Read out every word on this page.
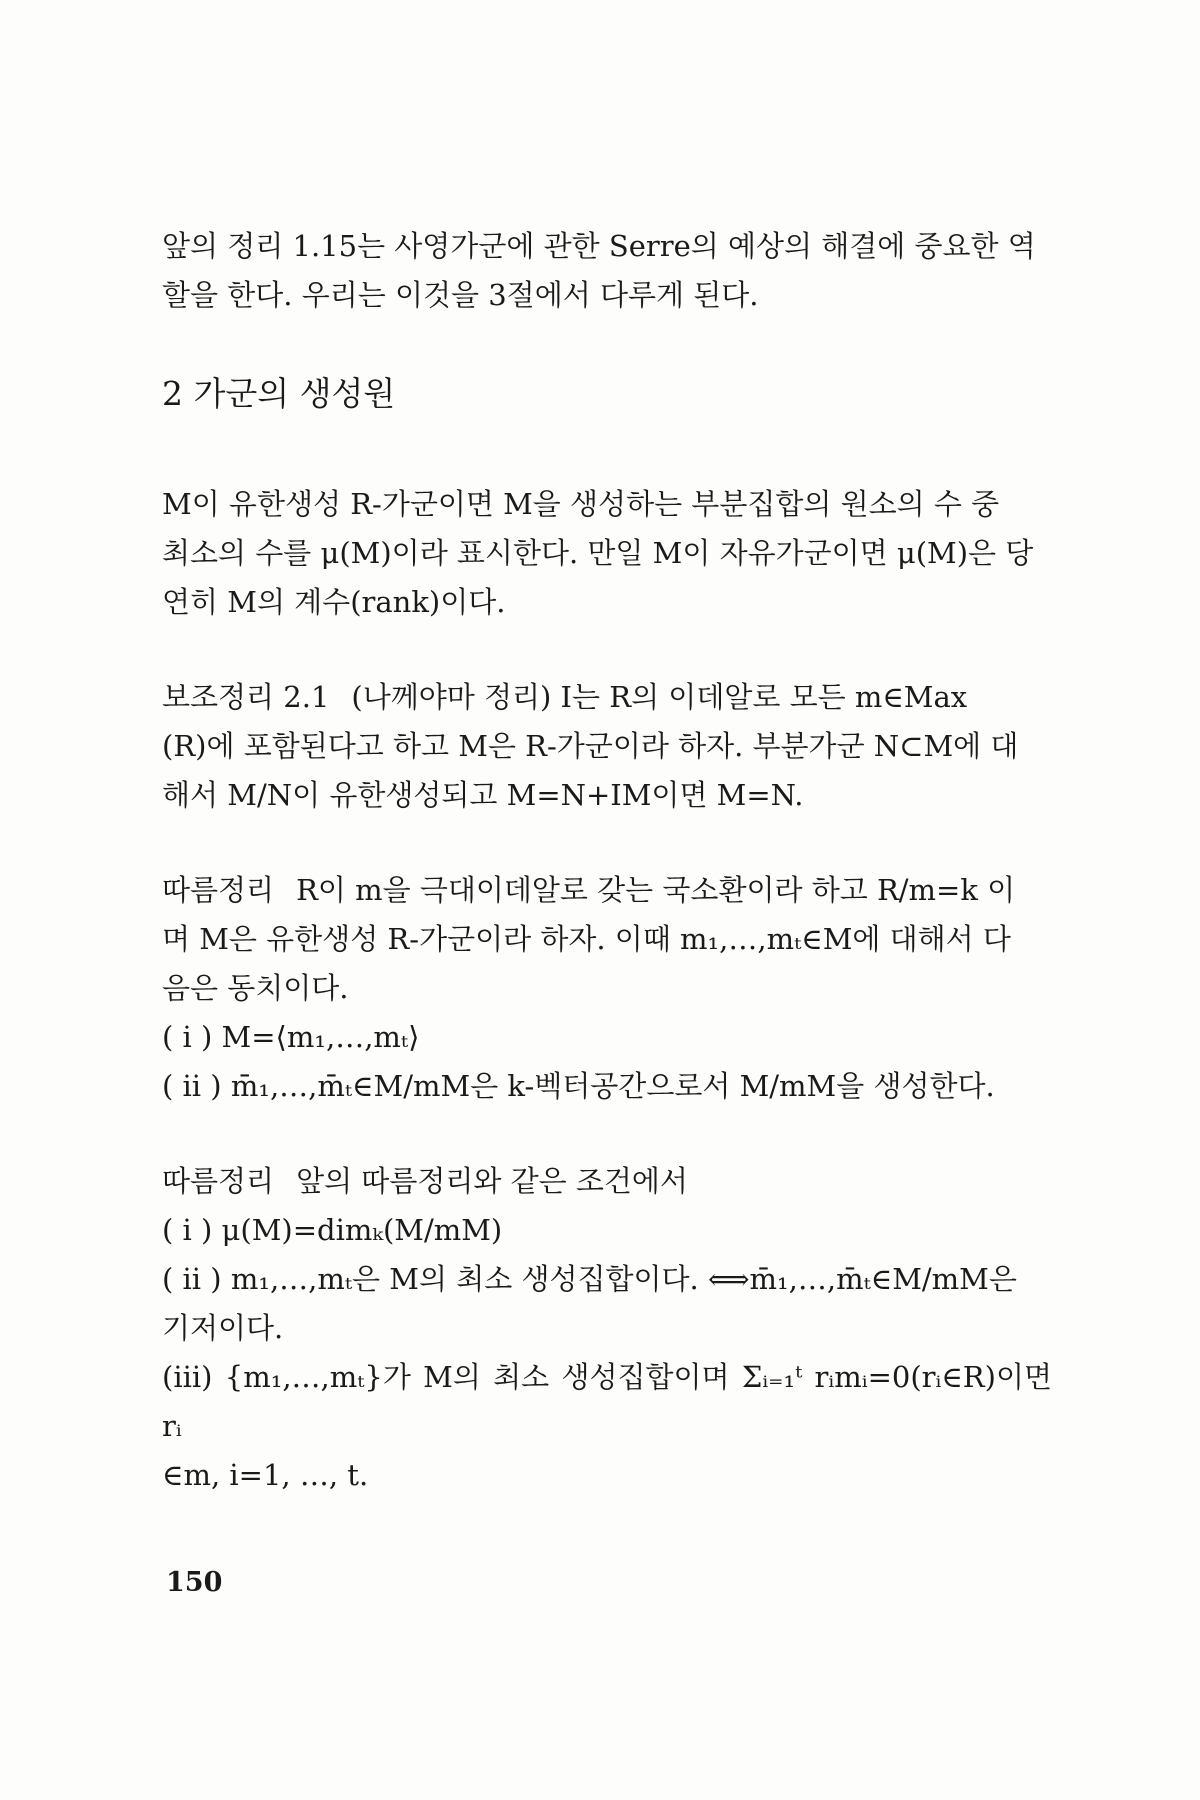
앞의 정리 1.15는 사영가군에 관한 Serre의 예상의 해결에 중요한 역

할을 한다. 우리는 이것을 3절에서 다루게 된다.

2 가군의 생성원

M이 유한생성 R-가군이면 M을 생성하는 부분집합의 원소의 수 중

최소의 수를 μ(M)이라 표시한다. 만일 M이 자유가군이면 μ(M)은 당

연히 M의 계수(rank)이다.

보조정리 2.1 (나께야마 정리) I는 R의 이데알로 모든 m∈Max

(R)에 포함된다고 하고 M은 R-가군이라 하자. 부분가군 N⊂M에 대

해서 M/N이 유한생성되고 M=N+IM이면 M=N.

따름정리 R이 m을 극대이데알로 갖는 국소환이라 하고 R/m=k 이

며 M은 유한생성 R-가군이라 하자. 이때 m₁,…,mₜ∈M에 대해서 다

음은 동치이다.

( i ) M=⟨m₁,…,mₜ⟩

( ii ) m̄₁,…,m̄ₜ∈M/mM은 k-벡터공간으로서 M/mM을 생성한다.

따름정리 앞의 따름정리와 같은 조건에서

( i ) μ(M)=dimₖ(M/mM)

( ii ) m₁,…,mₜ은 M의 최소 생성집합이다. ⟺m̄₁,…,m̄ₜ∈M/mM은

기저이다.

(iii) {m₁,…,mₜ}가 M의 최소 생성집합이며 Σᵢ₌₁ᵗ rᵢmᵢ=0(rᵢ∈R)이면 rᵢ

∈m, i=1, …, t.

150
